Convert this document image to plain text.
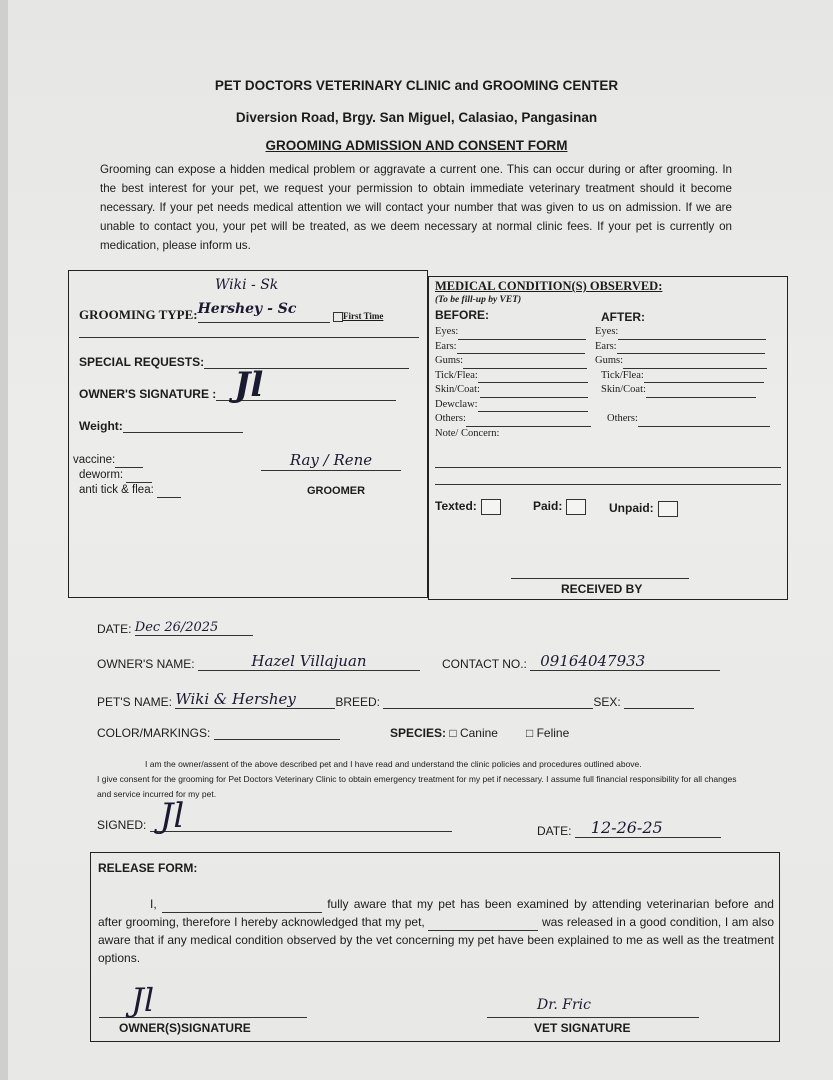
PET DOCTORS VETERINARY CLINIC and GROOMING CENTER
Diversion Road, Brgy. San Miguel, Calasiao, Pangasinan
GROOMING ADMISSION AND CONSENT FORM
Grooming can expose a hidden medical problem or aggravate a current one. This can occur during or after grooming. In the best interest for your pet, we request your permission to obtain immediate veterinary treatment should it become necessary. If your pet needs medical attention we will contact your number that was given to us on admission. If we are unable to contact you, your pet will be treated, as we deem necessary at normal clinic fees. If your pet is currently on medication, please inform us.
Wiki - Sk
GROOMING TYPE: Hershey - Sc	First Time
SPECIAL REQUESTS:
OWNER'S SIGNATURE : Jl
Weight:
vaccine:
deworm:
anti tick & flea:
Ray / Rene
GROOMER
MEDICAL CONDITION(S) OBSERVED:
(To be fill-up by VET)
BEFORE:	AFTER:
Eyes:	Eyes:
Ears:	Ears:
Gums:	Gums:
Tick/Flea:	Tick/Flea:
Skin/Coat:	Skin/Coat:
Dewclaw:
Others:	Others:
Note/ Concern:
Texted:	Paid:	Unpaid:
RECEIVED BY
DATE: Dec 26/2025
OWNER'S NAME:	Hazel Villajuan	CONTACT NO.: 09164047933
PET'S NAME: Wiki & Hershey	BREED:	SEX:
COLOR/MARKINGS:	SPECIES: □ Canine □ Feline
I am the owner/assent of the above described pet and I have read and understand the clinic policies and procedures outlined above.
I give consent for the grooming for Pet Doctors Veterinary Clinic to obtain emergency treatment for my pet if necessary. I assume full financial responsibility for all changes and service incurred for my pet.
SIGNED: Jl	DATE: 12-26-25
RELEASE FORM:
I,	fully aware that my pet has been examined by attending veterinarian before and after grooming, therefore I hereby acknowledged that my pet,	was released in a good condition, I am also aware that if any medical condition observed by the vet concerning my pet have been explained to me as well as the treatment options.
Jl
OWNER(S)SIGNATURE
Dr. Fric
VET SIGNATURE
